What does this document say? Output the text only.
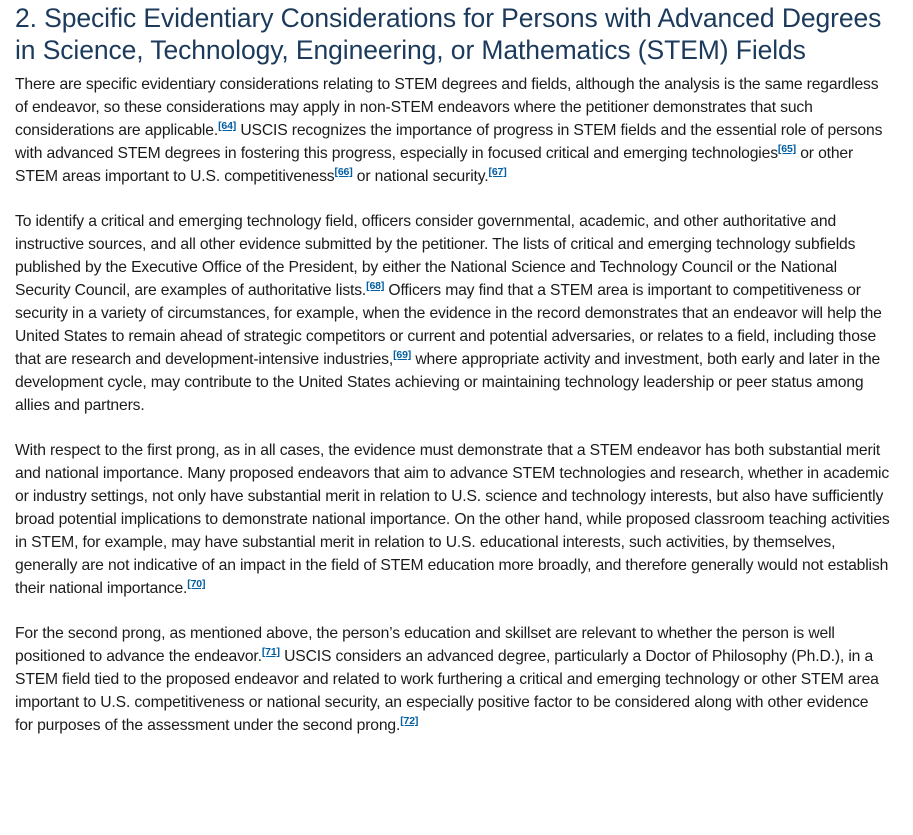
2. Specific Evidentiary Considerations for Persons with Advanced Degrees in Science, Technology, Engineering, or Mathematics (STEM) Fields

There are specific evidentiary considerations relating to STEM degrees and fields, although the analysis is the same regardless of endeavor, so these considerations may apply in non-STEM endeavors where the petitioner demonstrates that such considerations are applicable.[64] USCIS recognizes the importance of progress in STEM fields and the essential role of persons with advanced STEM degrees in fostering this progress, especially in focused critical and emerging technologies[65] or other STEM areas important to U.S. competitiveness[66] or national security.[67]

To identify a critical and emerging technology field, officers consider governmental, academic, and other authoritative and instructive sources, and all other evidence submitted by the petitioner. The lists of critical and emerging technology subfields published by the Executive Office of the President, by either the National Science and Technology Council or the National Security Council, are examples of authoritative lists.[68] Officers may find that a STEM area is important to competitiveness or security in a variety of circumstances, for example, when the evidence in the record demonstrates that an endeavor will help the United States to remain ahead of strategic competitors or current and potential adversaries, or relates to a field, including those that are research and development-intensive industries,[69] where appropriate activity and investment, both early and later in the development cycle, may contribute to the United States achieving or maintaining technology leadership or peer status among allies and partners.

With respect to the first prong, as in all cases, the evidence must demonstrate that a STEM endeavor has both substantial merit and national importance. Many proposed endeavors that aim to advance STEM technologies and research, whether in academic or industry settings, not only have substantial merit in relation to U.S. science and technology interests, but also have sufficiently broad potential implications to demonstrate national importance. On the other hand, while proposed classroom teaching activities in STEM, for example, may have substantial merit in relation to U.S. educational interests, such activities, by themselves, generally are not indicative of an impact in the field of STEM education more broadly, and therefore generally would not establish their national importance.[70]

For the second prong, as mentioned above, the person’s education and skillset are relevant to whether the person is well positioned to advance the endeavor.[71] USCIS considers an advanced degree, particularly a Doctor of Philosophy (Ph.D.), in a STEM field tied to the proposed endeavor and related to work furthering a critical and emerging technology or other STEM area important to U.S. competitiveness or national security, an especially positive factor to be considered along with other evidence for purposes of the assessment under the second prong.[72]
